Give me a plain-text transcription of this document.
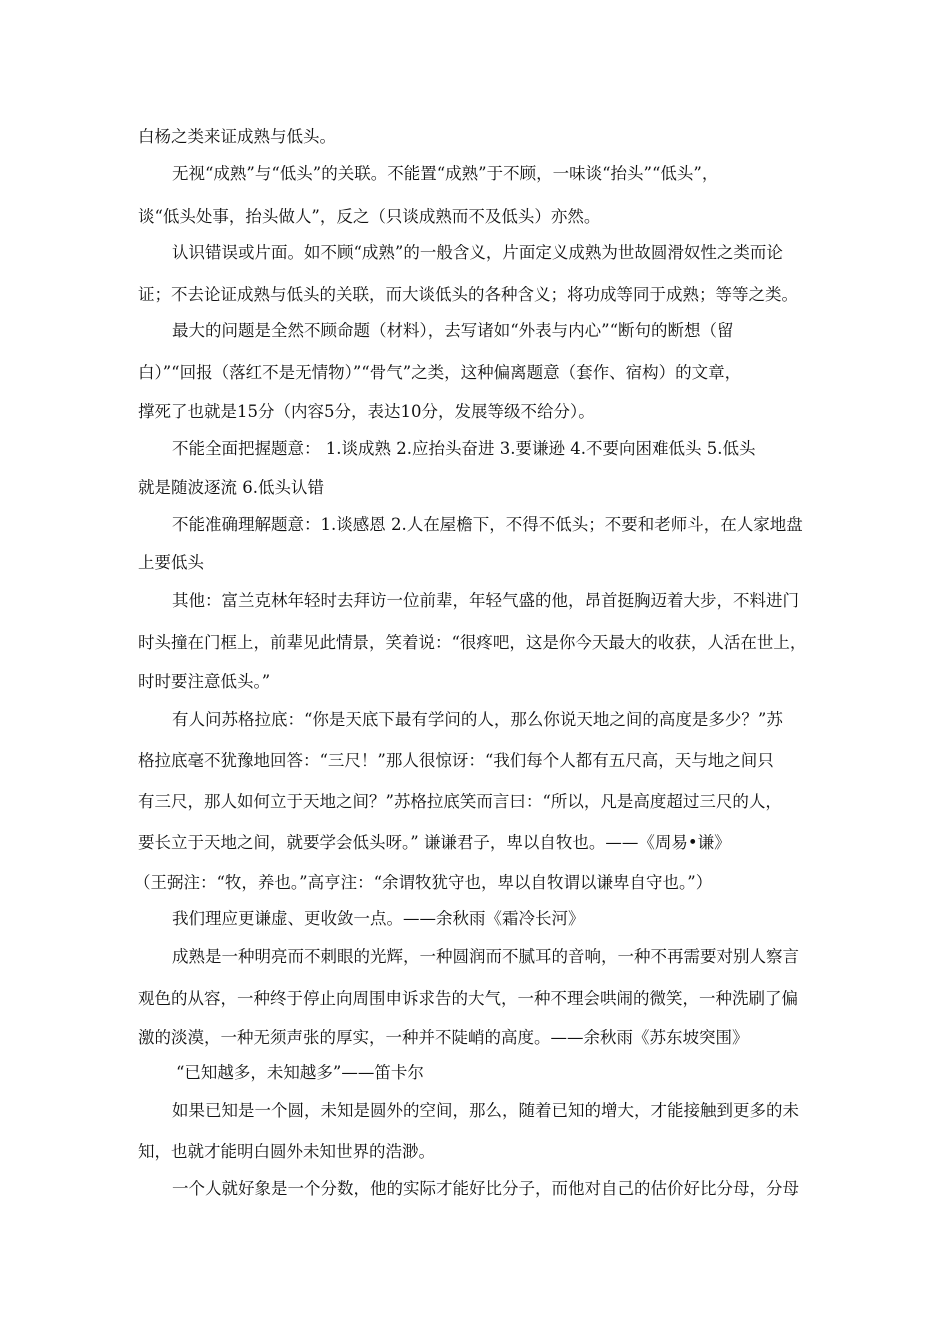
白杨之类来证成熟与低头。
无视“成熟”与“低头”的关联。不能置“成熟”于不顾，一味谈“抬头”“低头”，
谈“低头处事，抬头做人”，反之（只谈成熟而不及低头）亦然。
认识错误或片面。如不顾“成熟”的一般含义，片面定义成熟为世故圆滑奴性之类而论
证；不去论证成熟与低头的关联，而大谈低头的各种含义；将功成等同于成熟；等等之类。
最大的问题是全然不顾命题（材料），去写诸如“外表与内心”“断句的断想（留
白）”“回报（落红不是无情物）”“骨气”之类，这种偏离题意（套作、宿构）的文章，
撑死了也就是15分（内容5分，表达10分，发展等级不给分）。
不能全面把握题意： 1.谈成熟 2.应抬头奋进 3.要谦逊 4.不要向困难低头 5.低头
就是随波逐流 6.低头认错
不能准确理解题意：1.谈感恩 2.人在屋檐下，不得不低头；不要和老师斗，在人家地盘
上要低头
其他：富兰克林年轻时去拜访一位前辈，年轻气盛的他，昂首挺胸迈着大步，不料进门
时头撞在门框上，前辈见此情景，笑着说：“很疼吧，这是你今天最大的收获，人活在世上，
时时要注意低头。”
有人问苏格拉底：“你是天底下最有学问的人，那么你说天地之间的高度是多少？”苏
格拉底毫不犹豫地回答：“三尺！”那人很惊讶：“我们每个人都有五尺高，天与地之间只
有三尺，那人如何立于天地之间？”苏格拉底笑而言曰：“所以，凡是高度超过三尺的人，
要长立于天地之间，就要学会低头呀。” 谦谦君子，卑以自牧也。——《周易•谦》
（王弼注：“牧，养也。”高亨注：“余谓牧犹守也，卑以自牧谓以谦卑自守也。”）
我们理应更谦虚、更收敛一点。——余秋雨《霜冷长河》
成熟是一种明亮而不刺眼的光辉，一种圆润而不腻耳的音响，一种不再需要对别人察言
观色的从容，一种终于停止向周围申诉求告的大气，一种不理会哄闹的微笑，一种洗刷了偏
激的淡漠，一种无须声张的厚实，一种并不陡峭的高度。——余秋雨《苏东坡突围》
“已知越多，未知越多”——笛卡尔
如果已知是一个圆，未知是圆外的空间，那么，随着已知的增大，才能接触到更多的未
知，也就才能明白圆外未知世界的浩渺。
一个人就好象是一个分数，他的实际才能好比分子，而他对自己的估价好比分母，分母
